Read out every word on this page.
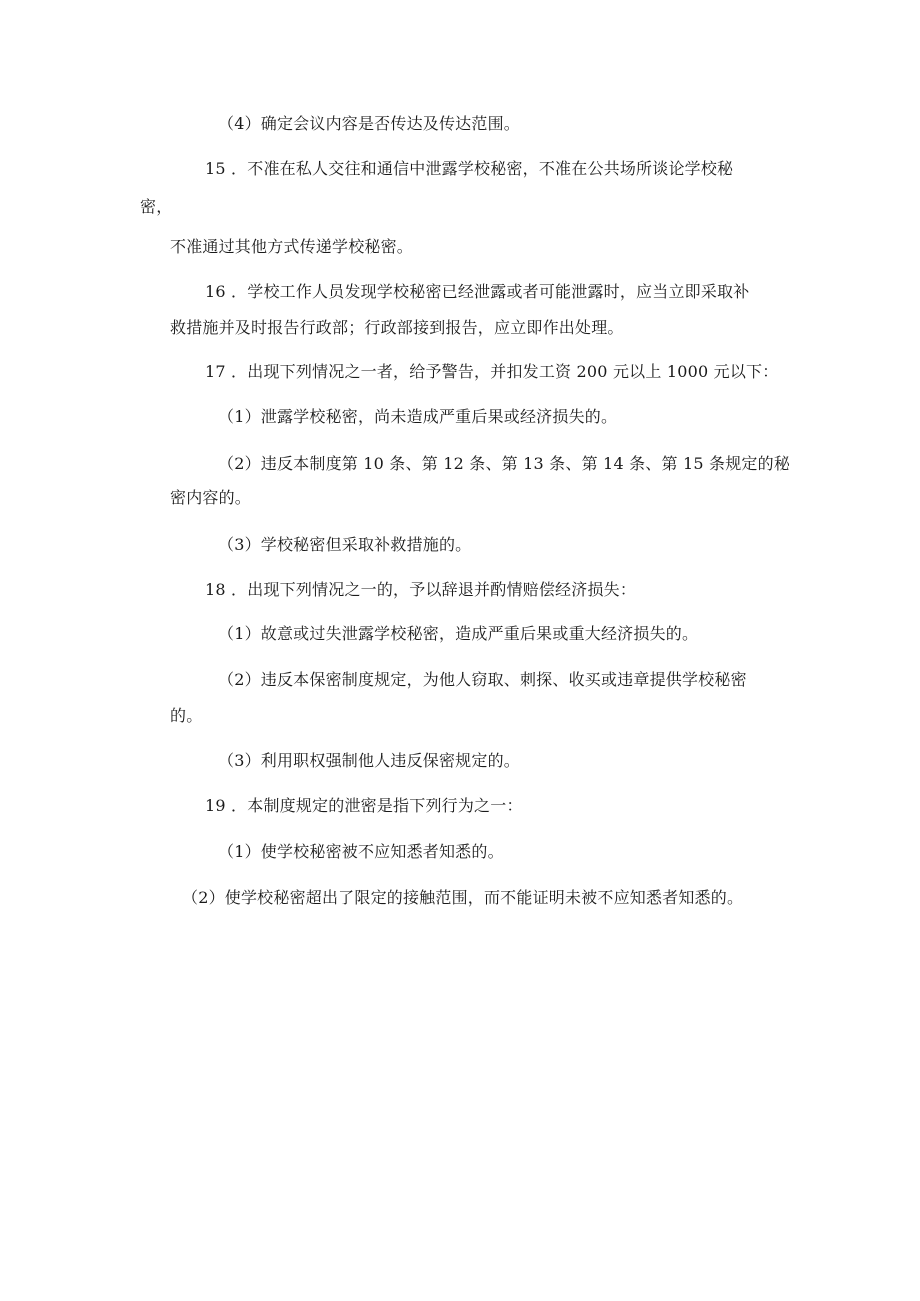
（4）确定会议内容是否传达及传达范围。
15 ．不准在私人交往和通信中泄露学校秘密，不准在公共场所谈论学校秘
密，
不准通过其他方式传递学校秘密。
16 ．学校工作人员发现学校秘密已经泄露或者可能泄露时，应当立即采取补
救措施并及时报告行政部；行政部接到报告，应立即作出处理。
17 ．出现下列情况之一者，给予警告，并扣发工资 200 元以上 1000 元以下：
（1）泄露学校秘密，尚未造成严重后果或经济损失的。
（2）违反本制度第 10 条、第 12 条、第 13 条、第 14 条、第 15 条规定的秘
密内容的。
（3）学校秘密但采取补救措施的。
18 ．出现下列情况之一的，予以辞退并酌情赔偿经济损失：
（1）故意或过失泄露学校秘密，造成严重后果或重大经济损失的。
（2）违反本保密制度规定，为他人窃取、刺探、收买或违章提供学校秘密
的。
（3）利用职权强制他人违反保密规定的。
19 ．本制度规定的泄密是指下列行为之一：
（1）使学校秘密被不应知悉者知悉的。
（2）使学校秘密超出了限定的接触范围，而不能证明未被不应知悉者知悉的。
